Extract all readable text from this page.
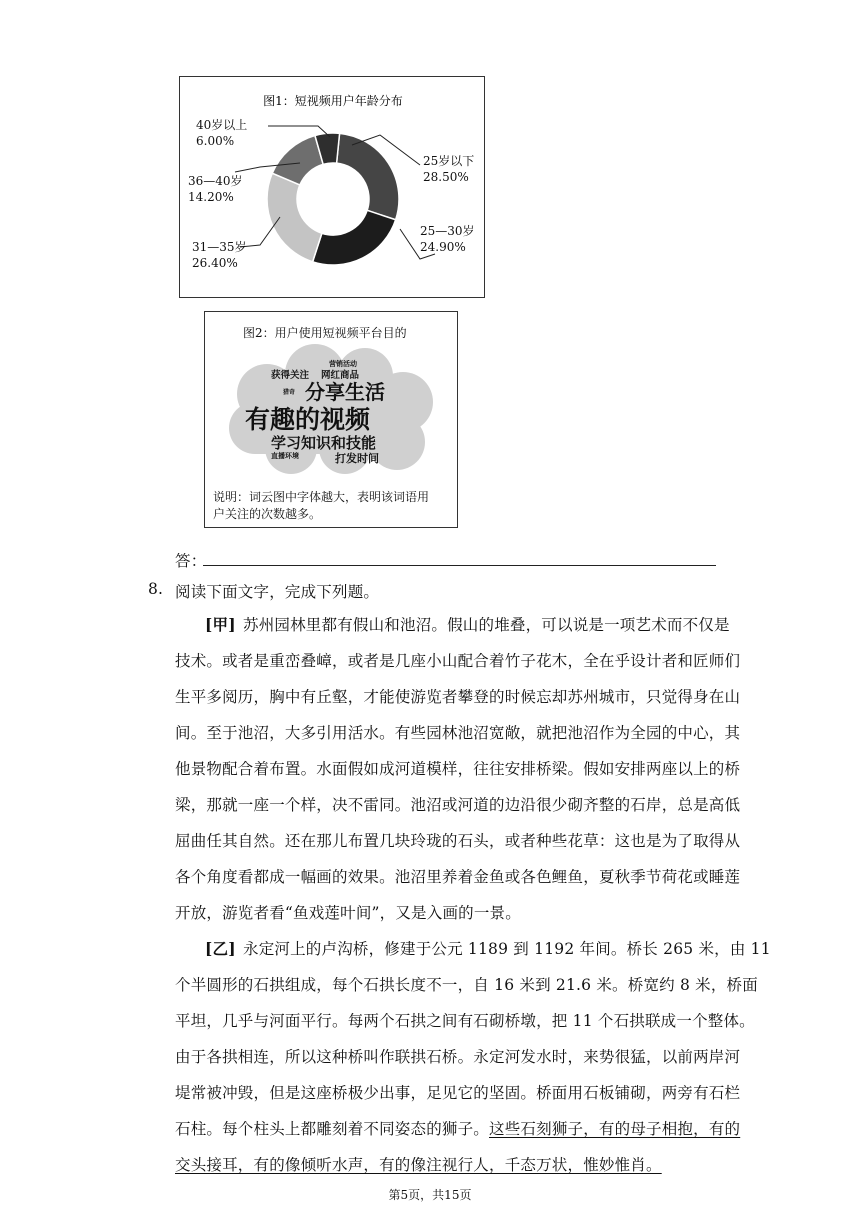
图1：短视频用户年龄分布
25岁以下
28.50%
25—30岁
24.90%
31—35岁
26.40%
36—40岁
14.20%
40岁以上
6.00%
图2：用户使用短视频平台目的
营销活动
获得关注 网红商品
猎奇 分享生活
有趣的视频
学习知识和技能
直播环境	打发时间
说明：词云图中字体越大，表明该词语用
户关注的次数越多。
答：
8. 阅读下面文字，完成下列题。
[甲] 苏州园林里都有假山和池沼。假山的堆叠，可以说是一项艺术而不仅是
技术。或者是重峦叠嶂，或者是几座小山配合着竹子花木，全在乎设计者和匠师们
生平多阅历，胸中有丘壑，才能使游览者攀登的时候忘却苏州城市，只觉得身在山
间。至于池沼，大多引用活水。有些园林池沼宽敞，就把池沼作为全园的中心，其
他景物配合着布置。水面假如成河道模样，往往安排桥梁。假如安排两座以上的桥
梁，那就一座一个样，决不雷同。池沼或河道的边沿很少砌齐整的石岸，总是高低
屈曲任其自然。还在那儿布置几块玲珑的石头，或者种些花草：这也是为了取得从
各个角度看都成一幅画的效果。池沼里养着金鱼或各色鲤鱼，夏秋季节荷花或睡莲
开放，游览者看“鱼戏莲叶间”，又是入画的一景。
[乙] 永定河上的卢沟桥，修建于公元 1189 到 1192 年间。桥长 265 米，由 11
个半圆形的石拱组成，每个石拱长度不一，自 16 米到 21.6 米。桥宽约 8 米，桥面
平坦，几乎与河面平行。每两个石拱之间有石砌桥墩，把 11 个石拱联成一个整体。
由于各拱相连，所以这种桥叫作联拱石桥。永定河发水时，来势很猛，以前两岸河
堤常被冲毁，但是这座桥极少出事，足见它的坚固。桥面用石板铺砌，两旁有石栏
石柱。每个柱头上都雕刻着不同姿态的狮子。这些石刻狮子，有的母子相抱，有的
交头接耳，有的像倾听水声，有的像注视行人，千态万状，惟妙惟肖。
第5页，共15页
